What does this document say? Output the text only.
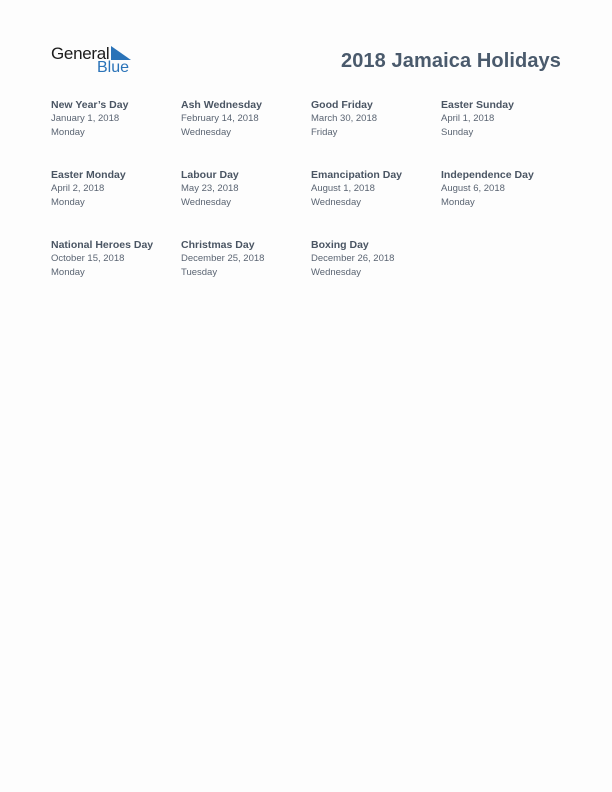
General
Blue	2018 Jamaica Holidays
New Year’s Day
January 1, 2018
Monday
Ash Wednesday
February 14, 2018
Wednesday
Good Friday
March 30, 2018
Friday
Easter Sunday
April 1, 2018
Sunday
Easter Monday
April 2, 2018
Monday
Labour Day
May 23, 2018
Wednesday
Emancipation Day
August 1, 2018
Wednesday
Independence Day
August 6, 2018
Monday
National Heroes Day
October 15, 2018
Monday
Christmas Day
December 25, 2018
Tuesday
Boxing Day
December 26, 2018
Wednesday
